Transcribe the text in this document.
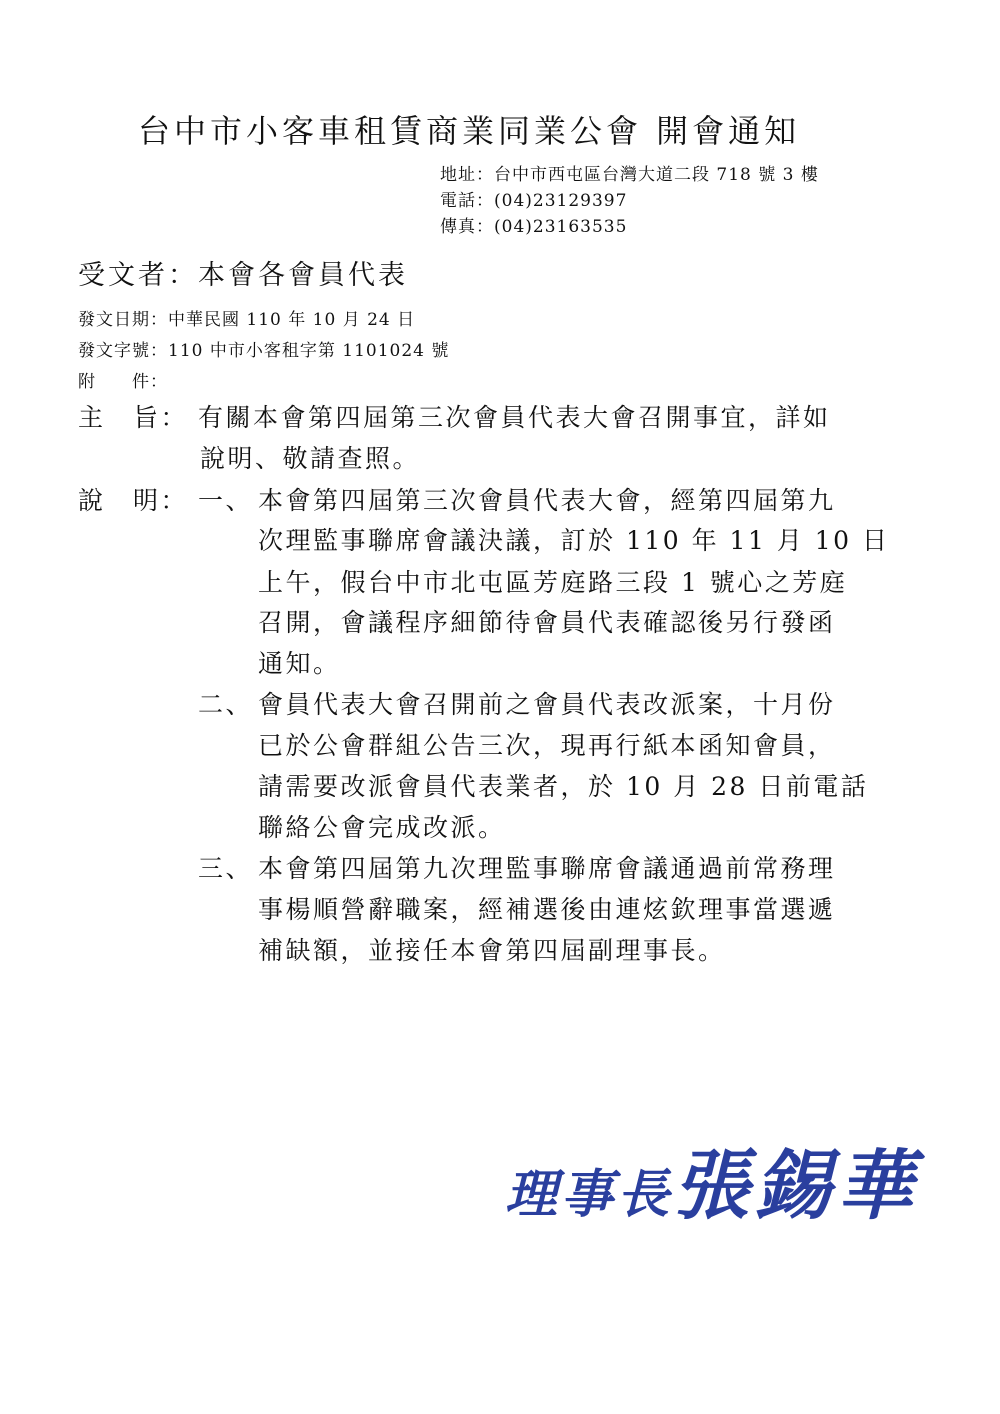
台中市小客車租賃商業同業公會 開會通知
地址：台中市西屯區台灣大道二段 718 號 3 樓
電話：(04)23129397
傳真：(04)23163535
受文者：本會各會員代表
發文日期：中華民國 110 年 10 月 24 日
發文字號：110 中市小客租字第 1101024 號
附　　件：
主　旨： 有關本會第四屆第三次會員代表大會召開事宜，詳如
說明、敬請查照。
說　明： 一、 本會第四屆第三次會員代表大會，經第四屆第九
次理監事聯席會議決議，訂於 110 年 11 月 10 日
上午，假台中市北屯區芳庭路三段 1 號心之芳庭
召開，會議程序細節待會員代表確認後另行發函
通知。
二、 會員代表大會召開前之會員代表改派案，十月份
已於公會群組公告三次，現再行紙本函知會員，
請需要改派會員代表業者，於 10 月 28 日前電話
聯絡公會完成改派。
三、 本會第四屆第九次理監事聯席會議通過前常務理
事楊順營辭職案，經補選後由連炫欽理事當選遞
補缺額，並接任本會第四屆副理事長。
理事長張錫華
